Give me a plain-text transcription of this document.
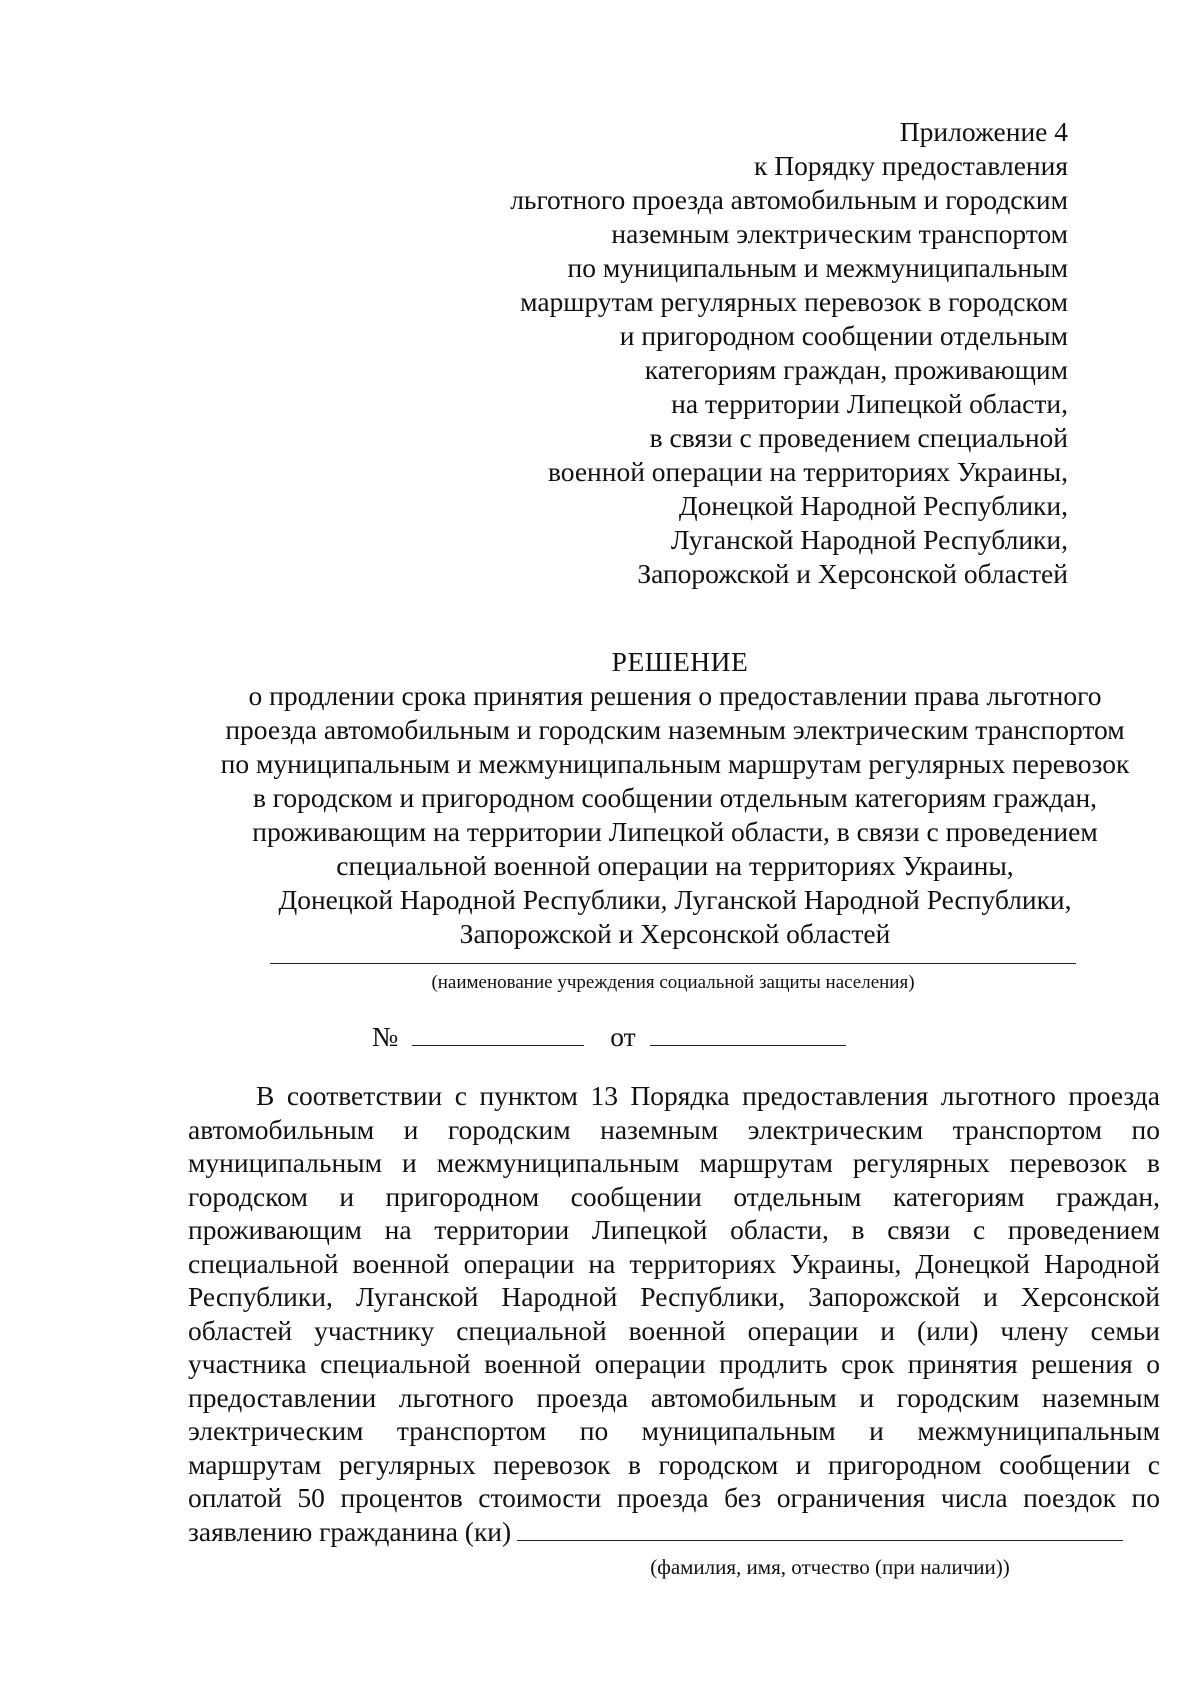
Приложение 4
к Порядку предоставления
льготного проезда автомобильным и городским
наземным электрическим транспортом
по муниципальным и межмуниципальным
маршрутам регулярных перевозок в городском
и пригородном сообщении отдельным
категориям граждан, проживающим
на территории Липецкой области,
в связи с проведением специальной
военной операции на территориях Украины,
Донецкой Народной Республики,
Луганской Народной Республики,
Запорожской и Херсонской областей
РЕШЕНИЕ
о продлении срока принятия решения о предоставлении права льготного
проезда автомобильным и городским наземным электрическим транспортом
по муниципальным и межмуниципальным маршрутам регулярных перевозок
в городском и пригородном сообщении отдельным категориям граждан,
проживающим на территории Липецкой области, в связи с проведением
специальной военной операции на территориях Украины,
Донецкой Народной Республики, Луганской Народной Республики,
Запорожской и Херсонской областей
(наименование учреждения социальной защиты населения)
№	от
В соответствии с пунктом 13 Порядка предоставления льготного проезда
автомобильным и городским наземным электрическим транспортом по
муниципальным и межмуниципальным маршрутам регулярных перевозок в
городском и пригородном сообщении отдельным категориям граждан,
проживающим на территории Липецкой области, в связи с проведением
специальной военной операции на территориях Украины, Донецкой Народной
Республики, Луганской Народной Республики, Запорожской и Херсонской
областей участнику специальной военной операции и (или) члену семьи
участника специальной военной операции продлить срок принятия решения о
предоставлении льготного проезда автомобильным и городским наземным
электрическим транспортом по муниципальным и межмуниципальным
маршрутам регулярных перевозок в городском и пригородном сообщении с
оплатой 50 процентов стоимости проезда без ограничения числа поездок по
заявлению гражданина (ки)
(фамилия, имя, отчество (при наличии))
